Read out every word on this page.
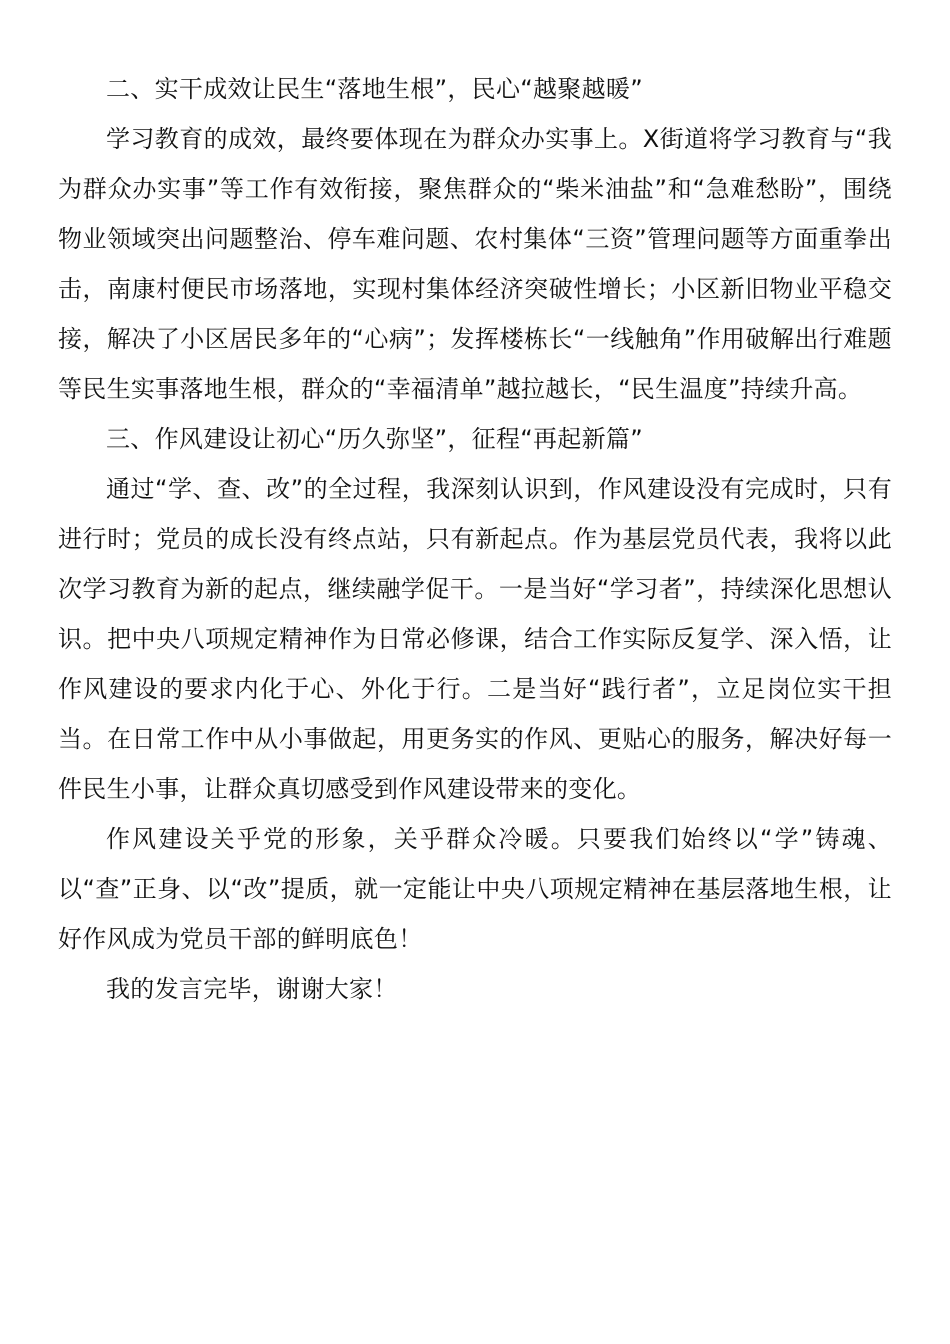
二、实干成效让民生“落地生根”，民心“越聚越暖”

学习教育的成效，最终要体现在为群众办实事上。X街道将学习教育与“我为群众办实事”等工作有效衔接，聚焦群众的“柴米油盐”和“急难愁盼”，围绕物业领域突出问题整治、停车难问题、农村集体“三资”管理问题等方面重拳出击，南康村便民市场落地，实现村集体经济突破性增长；小区新旧物业平稳交接，解决了小区居民多年的“心病”；发挥楼栋长“一线触角”作用破解出行难题等民生实事落地生根，群众的“幸福清单”越拉越长，“民生温度”持续升高。

三、作风建设让初心“历久弥坚”，征程“再起新篇”

通过“学、查、改”的全过程，我深刻认识到，作风建设没有完成时，只有进行时；党员的成长没有终点站，只有新起点。作为基层党员代表，我将以此次学习教育为新的起点，继续融学促干。一是当好“学习者”，持续深化思想认识。把中央八项规定精神作为日常必修课，结合工作实际反复学、深入悟，让作风建设的要求内化于心、外化于行。二是当好“践行者”，立足岗位实干担当。在日常工作中从小事做起，用更务实的作风、更贴心的服务，解决好每一件民生小事，让群众真切感受到作风建设带来的变化。

作风建设关乎党的形象，关乎群众冷暖。只要我们始终以“学”铸魂、以“查”正身、以“改”提质，就一定能让中央八项规定精神在基层落地生根，让好作风成为党员干部的鲜明底色！

我的发言完毕，谢谢大家！
